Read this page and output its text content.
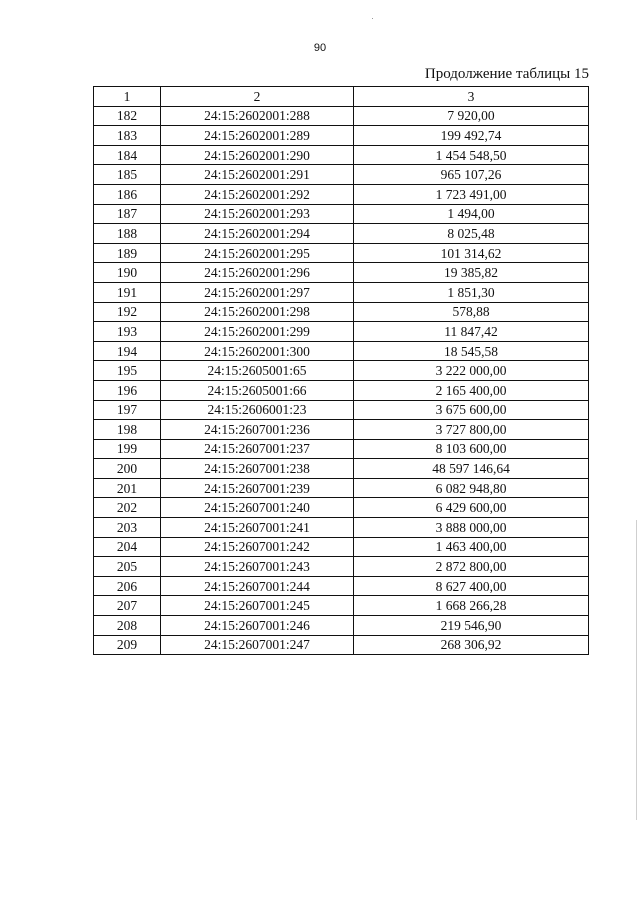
90
Продолжение таблицы 15
1	2	3
182	24:15:2602001:288	7 920,00
183	24:15:2602001:289	199 492,74
184	24:15:2602001:290	1 454 548,50
185	24:15:2602001:291	965 107,26
186	24:15:2602001:292	1 723 491,00
187	24:15:2602001:293	1 494,00
188	24:15:2602001:294	8 025,48
189	24:15:2602001:295	101 314,62
190	24:15:2602001:296	19 385,82
191	24:15:2602001:297	1 851,30
192	24:15:2602001:298	578,88
193	24:15:2602001:299	11 847,42
194	24:15:2602001:300	18 545,58
195	24:15:2605001:65	3 222 000,00
196	24:15:2605001:66	2 165 400,00
197	24:15:2606001:23	3 675 600,00
198	24:15:2607001:236	3 727 800,00
199	24:15:2607001:237	8 103 600,00
200	24:15:2607001:238	48 597 146,64
201	24:15:2607001:239	6 082 948,80
202	24:15:2607001:240	6 429 600,00
203	24:15:2607001:241	3 888 000,00
204	24:15:2607001:242	1 463 400,00
205	24:15:2607001:243	2 872 800,00
206	24:15:2607001:244	8 627 400,00
207	24:15:2607001:245	1 668 266,28
208	24:15:2607001:246	219 546,90
209	24:15:2607001:247	268 306,92
